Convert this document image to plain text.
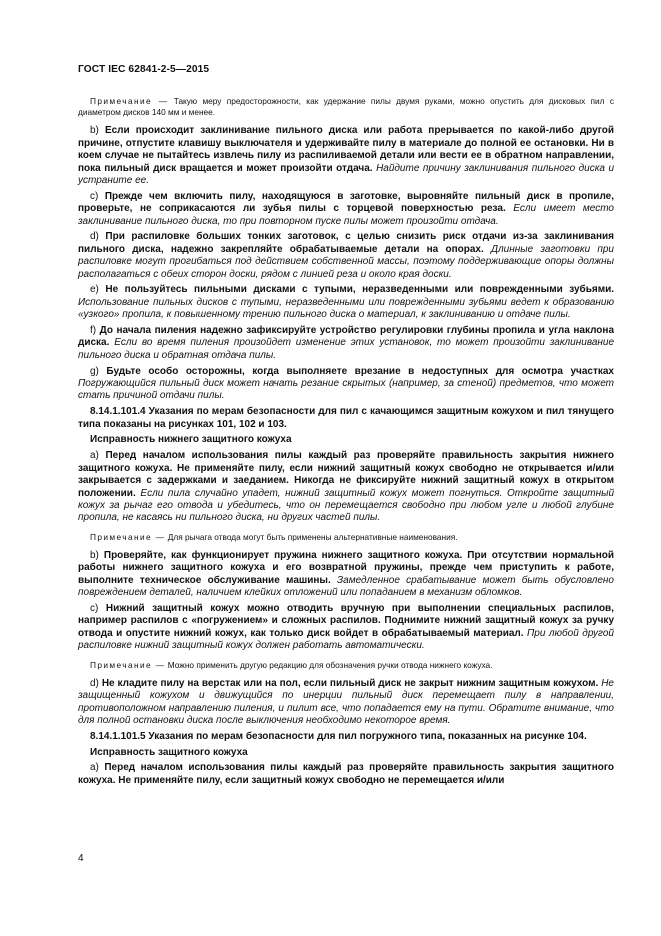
ГОСТ IEC 62841-2-5—2015

Примечание — Такую меру предосторожности, как удержание пилы двумя руками, можно опустить для дисковых пил с диаметром дисков 140 мм и менее.

b) Если происходит заклинивание пильного диска или работа прерывается по какой-либо другой причине, отпустите клавишу выключателя и удерживайте пилу в материале до полной ее остановки. Ни в коем случае не пытайтесь извлечь пилу из распиливаемой детали или вести ее в обратном направлении, пока пильный диск вращается и может произойти отдача. Найдите причину заклинивания пильного диска и устраните ее.

c) Прежде чем включить пилу, находящуюся в заготовке, выровняйте пильный диск в пропиле, проверьте, не соприкасаются ли зубья пилы с торцевой поверхностью реза. Если имеет место заклинивание пильного диска, то при повторном пуске пилы может произойти отдача.

d) При распиловке больших тонких заготовок, с целью снизить риск отдачи из-за заклинивания пильного диска, надежно закрепляйте обрабатываемые детали на опорах. Длинные заготовки при распиловке могут прогибаться под действием собственной массы, поэтому поддерживающие опоры должны располагаться с обеих сторон доски, рядом с линией реза и около края доски.

e) Не пользуйтесь пильными дисками с тупыми, неразведенными или поврежденными зубьями. Использование пильных дисков с тупыми, неразведенными или поврежденными зубьями ведет к образованию «узкого» пропила, к повышенному трению пильного диска о материал, к заклиниванию и отдаче пилы.

f) До начала пиления надежно зафиксируйте устройство регулировки глубины пропила и угла наклона диска. Если во время пиления произойдет изменение этих установок, то может произойти заклинивание пильного диска и обратная отдача пилы.

g) Будьте особо осторожны, когда выполняете врезание в недоступных для осмотра участках Погружающийся пильный диск может начать резание скрытых (например, за стеной) предметов, что может стать причиной отдачи пилы.

8.14.1.101.4 Указания по мерам безопасности для пил с качающимся защитным кожухом и пил тянущего типа показаны на рисунках 101, 102 и 103.

Исправность нижнего защитного кожуха

a) Перед началом использования пилы каждый раз проверяйте правильность закрытия нижнего защитного кожуха. Не применяйте пилу, если нижний защитный кожух свободно не открывается и/или закрывается с задержками и заеданием. Никогда не фиксируйте нижний защитный кожух в открытом положении. Если пила случайно упадет, нижний защитный кожух может погнуться. Откройте защитный кожух за рычаг его отвода и убедитесь, что он перемещается свободно при любом угле и любой глубине пропила, не касаясь ни пильного диска, ни других частей пилы.

Примечание — Для рычага отвода могут быть применены альтернативные наименования.

b) Проверяйте, как функционирует пружина нижнего защитного кожуха. При отсутствии нормальной работы нижнего защитного кожуха и его возвратной пружины, прежде чем приступить к работе, выполните техническое обслуживание машины. Замедленное срабатывание может быть обусловлено повреждением деталей, наличием клейких отложений или попаданием в механизм обломков.

c) Нижний защитный кожух можно отводить вручную при выполнении специальных распилов, например распилов с «погружением» и сложных распилов. Поднимите нижний защитный кожух за ручку отвода и опустите нижний кожух, как только диск войдет в обрабатываемый материал. При любой другой распиловке нижний защитный кожух должен работать автоматически.

Примечание — Можно применить другую редакцию для обозначения ручки отвода нижнего кожуха.

d) Не кладите пилу на верстак или на пол, если пильный диск не закрыт нижним защитным кожухом. Не защищенный кожухом и движущийся по инерции пильный диск перемещает пилу в направлении, противоположном направлению пиления, и пилит все, что попадается ему на пути. Обратите внимание, что для полной остановки диска после выключения необходимо некоторое время.

8.14.1.101.5 Указания по мерам безопасности для пил погружного типа, показанных на рисунке 104.

Исправность защитного кожуха

a) Перед началом использования пилы каждый раз проверяйте правильность закрытия защитного кожуха. Не применяйте пилу, если защитный кожух свободно не перемещается и/или

4
